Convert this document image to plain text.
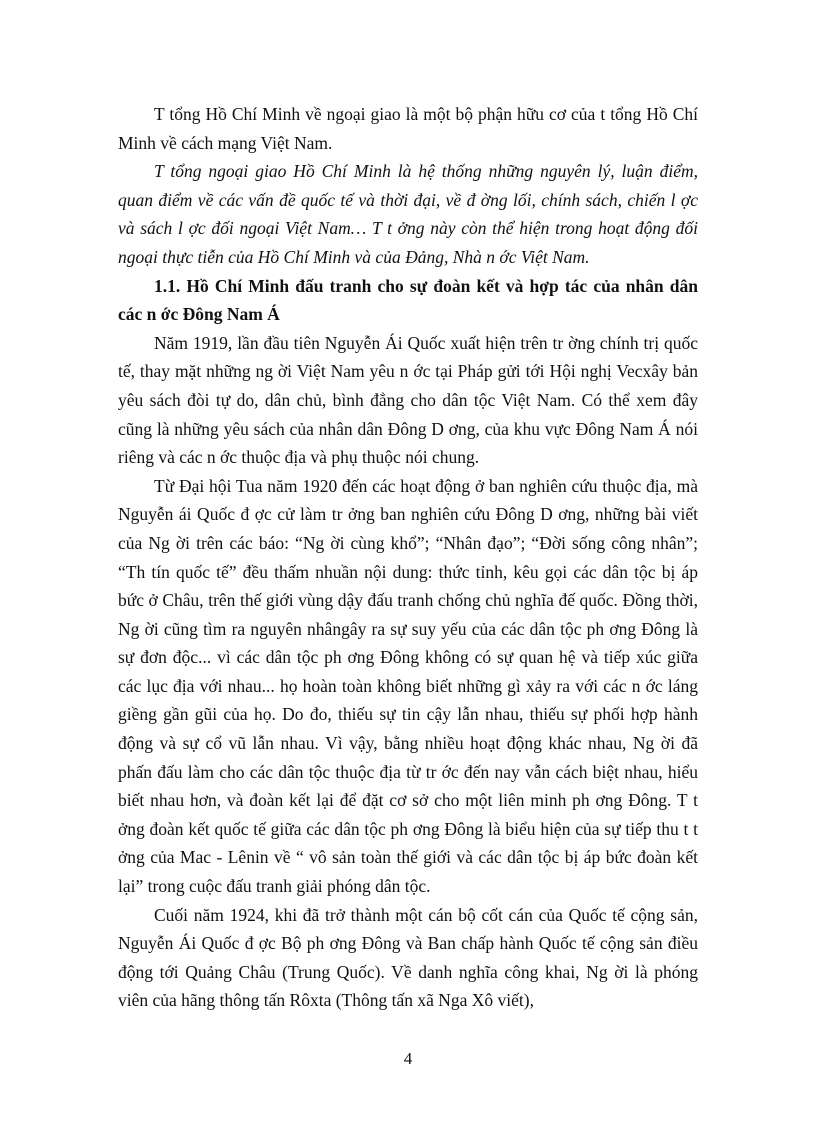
T tổng Hồ Chí Minh về ngoại giao là một bộ phận hữu cơ của t tổng Hồ Chí Minh về cách mạng Việt Nam.

T tổng ngoại giao Hồ Chí Minh là hệ thống những nguyên lý, luận điểm, quan điểm về các vấn đề quốc tế và thời đại, về đ ờng lối, chính sách, chiến l ợc và sách l ợc đối ngoại Việt Nam… T t ởng này còn thể hiện trong hoạt động đối ngoại thực tiễn của Hồ Chí Minh và của Đảng, Nhà n ớc Việt Nam.

1.1. Hồ Chí Minh đấu tranh cho sự đoàn kết và hợp tác của nhân dân các n ớc Đông Nam Á

Năm 1919, lần đầu tiên Nguyễn Ái Quốc xuất hiện trên tr ờng chính trị quốc tế, thay mặt những ng ời Việt Nam yêu n ớc tại Pháp gửi tới Hội nghị Vecxây bản yêu sách đòi tự do, dân chủ, bình đẳng cho dân tộc Việt Nam. Có thể xem đây cũng là những yêu sách của nhân dân Đông D ơng, của khu vực Đông Nam Á nói riêng và các n ớc thuộc địa và phụ thuộc nói chung.

Từ Đại hội Tua năm 1920 đến các hoạt động ở ban nghiên cứu thuộc địa, mà Nguyễn ái Quốc đ ợc cử làm tr ởng ban nghiên cứu Đông D ơng, những bài viết của Ng ời trên các báo: “Ng ời cùng khổ”; “Nhân đạo”; “Đời sống công nhân”; “Th tín quốc tế” đều thấm nhuần nội dung: thức tỉnh, kêu gọi các dân tộc bị áp bức ở Châu, trên thế giới vùng dậy đấu tranh chống chủ nghĩa đế quốc. Đồng thời, Ng ời cũng tìm ra nguyên nhângây ra sự suy yếu của các dân tộc ph ơng Đông là sự đơn độc... vì các dân tộc ph ơng Đông không có sự quan hệ và tiếp xúc giữa các lục địa với nhau... họ hoàn toàn không biết những gì xảy ra với các n ớc láng giềng gần gũi của họ. Do đo, thiếu sự tin cậy lẫn nhau, thiếu sự phối hợp hành động và sự cổ vũ lẫn nhau. Vì vậy, bằng nhiều hoạt động khác nhau, Ng ời đã phấn đấu làm cho các dân tộc thuộc địa từ tr ớc đến nay vẫn cách biệt nhau, hiểu biết nhau hơn, và đoàn kết lại để đặt cơ sở cho một liên minh ph ơng Đông. T t ởng đoàn kết quốc tế giữa các dân tộc ph ơng Đông là biểu hiện của sự tiếp thu t t ởng của Mac - Lênin về “ vô sản toàn thế giới và các dân tộc bị áp bức đoàn kết lại” trong cuộc đấu tranh giải phóng dân tộc.

Cuối năm 1924, khi đã trở thành một cán bộ cốt cán của Quốc tế cộng sản, Nguyễn Ái Quốc đ ợc Bộ ph ơng Đông và Ban chấp hành Quốc tế cộng sản điều động tới Quảng Châu (Trung Quốc). Về danh nghĩa công khai, Ng ời là phóng viên của hãng thông tấn Rôxta (Thông tấn xã Nga Xô viết),

4
